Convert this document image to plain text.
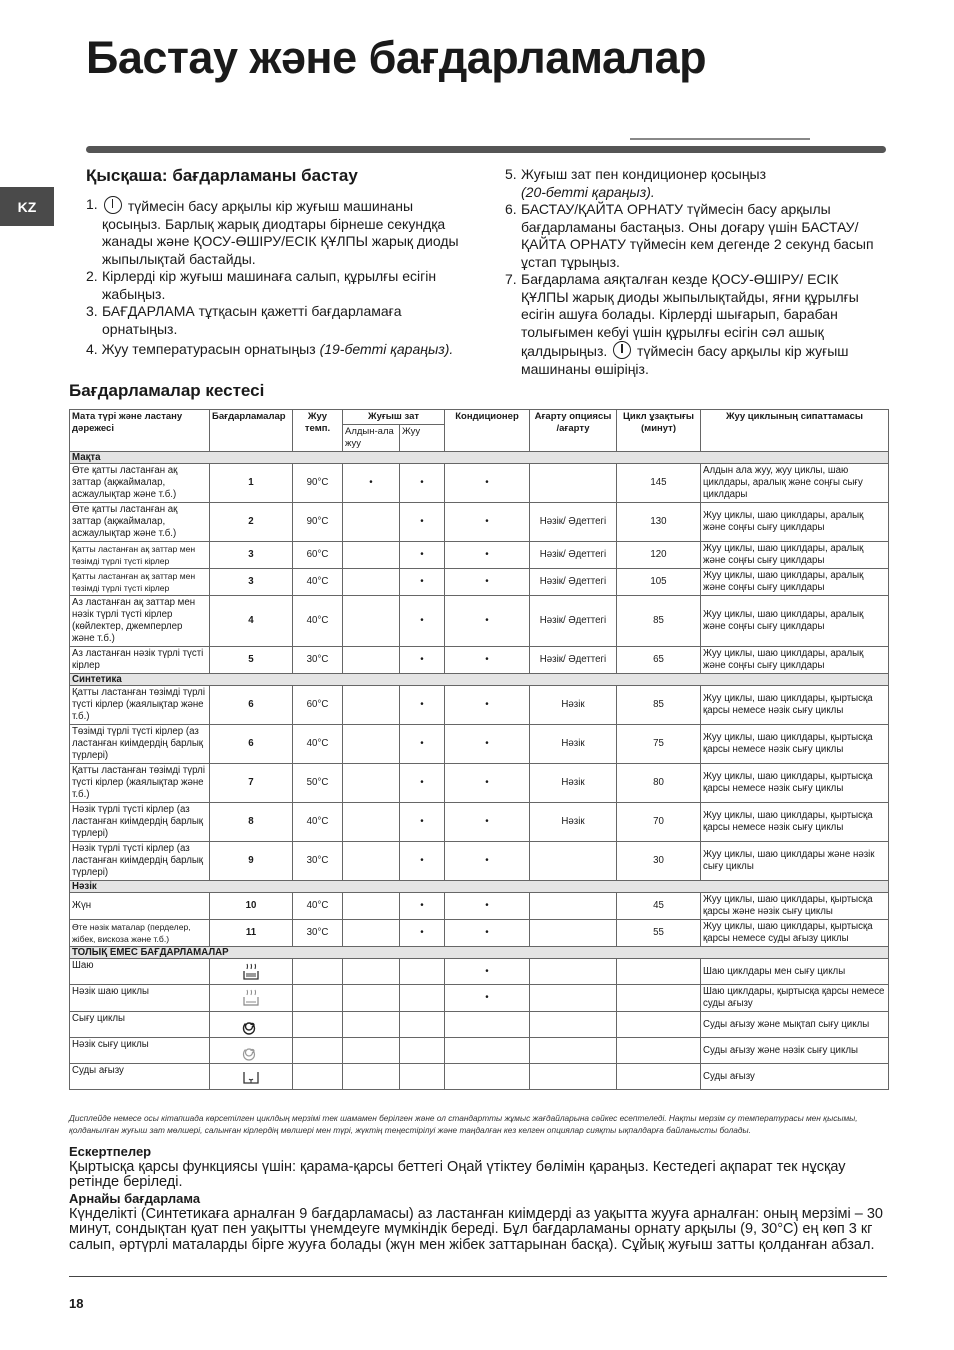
Бастау және бағдарламалар
KZ
Қысқаша: бағдарламаны бастау
1. түймесін басу арқылы кір жуғыш машинаны қосыңыз. Барлық жарық диодтары бірнеше секундқа жанады және ҚОСУ-ӨШІРУ/ЕСІК ҚҰЛПЫ жарық диоды жыпылықтай бастайды.
2. Кірлерді кір жуғыш машинаға салып, құрылғы есігін жабыңыз.
3. БАҒДАРЛАМА тұтқасын қажетті бағдарламаға орнатыңыз.
4. Жуу температурасын орнатыңыз (19-бетті қараңыз).
5. Жуғыш зат пен кондиционер қосыңыз
(20-бетті қараңыз).
6. БАСТАУ/ҚАЙТА ОРНАТУ түймесін басу арқылы бағдарламаны бастаңыз. Оны доғару үшін БАСТАУ/ҚАЙТА ОРНАТУ түймесін кем дегенде 2 секунд басып ұстап тұрыңыз.
7. Бағдарлама аяқталған кезде ҚОСУ-ӨШІРУ/ ЕСІК ҚҰЛПЫ жарық диоды жыпылықтайды, яғни құрылғы есігін ашуға болады. Кірлерді шығарып, барабан толығымен кебуі үшін құрылғы есігін сәл ашық қалдырыңыз.  түймесін басу арқылы кір жуғыш машинаны өшіріңіз.
Бағдарламалар кестесі
Мата түрі және ластану дәрежесі	Бағдарламалар	Жуу темп.	Жуғыш зат		Кондиционер	Ағарту опциясы /ағарту	Цикл ұзақтығы (минут)	Жуу циклының сипаттамасы
			Алдын-ала жуу	Жуу				
Мақта								
Өте қатты ластанған ақ заттар (ақжаймалар, асжаулықтар және т.б.)	1	90°C	•	•	•		145	Алдын ала жуу, жуу циклы, шаю циклдары, аралық және соңғы сығу циклдары
Өте қатты ластанған ақ заттар (ақжаймалар, асжаулықтар және т.б.)	2	90°C		•	•	Нәзік/ Әдеттегі	130	Жуу циклы, шаю циклдары, аралық және соңғы сығу циклдары
Қатты ластанған ақ заттар мен төзімді түрлі түсті кірлер	3	60°C		•	•	Нәзік/ Әдеттегі	120	Жуу циклы, шаю циклдары, аралық және соңғы сығу циклдары
Қатты ластанған ақ заттар мен төзімді түрлі түсті кірлер	3	40°C		•	•	Нәзік/ Әдеттегі	105	Жуу циклы, шаю циклдары, аралық және соңғы сығу циклдары
Аз ластанған ақ заттар мен нәзік түрлі түсті кірлер (көйлектер, джемперлер және т.б.)	4	40°C		•	•	Нәзік/ Әдеттегі	85	Жуу циклы, шаю циклдары, аралық және соңғы сығу циклдары
Аз ластанған нәзік түрлі түсті кірлер	5	30°C		•	•	Нәзік/ Әдеттегі	65	Жуу циклы, шаю циклдары, аралық және соңғы сығу циклдары
Синтетика								
Қатты ластанған төзімді түрлі түсті кірлер (жаялықтар және т.б.)	6	60°C		•	•	Нәзік	85	Жуу циклы, шаю циклдары, қыртысқа қарсы немесе нәзік сығу циклы
Төзімді түрлі түсті кірлер (аз ластанған киімдердің барлық түрлері)	6	40°C		•	•	Нәзік	75	Жуу циклы, шаю циклдары, қыртысқа қарсы немесе нәзік сығу циклы
Қатты ластанған төзімді түрлі түсті кірлер (жаялықтар және т.б.)	7	50°C		•	•	Нәзік	80	Жуу циклы, шаю циклдары, қыртысқа қарсы немесе нәзік сығу циклы
Нәзік түрлі түсті кірлер (аз ластанған киімдердің барлық түрлері)	8	40°C		•	•	Нәзік	70	Жуу циклы, шаю циклдары, қыртысқа қарсы немесе нәзік сығу циклы
Нәзік түрлі түсті кірлер (аз ластанған киімдердің барлық түрлері)	9	30°C		•	•		30	Жуу циклы, шаю циклдары және нәзік сығу циклы
Нәзік								
Жүн	10	40°C		•	•		45	Жуу циклы, шаю циклдары, қыртысқа қарсы және нәзік сығу циклы
Өте нәзік маталар (перделер, жібек, вискоза және т.б.)	11	30°C		•	•		55	Жуу циклы, шаю циклдары, қыртысқа қарсы немесе суды ағызу циклы
ТОЛЫҚ ЕМЕС БАҒДАРЛАМАЛАР								
Шаю					•			Шаю циклдары мен сығу циклы
Нәзік шаю циклы					•			Шаю циклдары, қыртысқа қарсы немесе суды ағызу
Сығу циклы								Суды ағызу және мықтап сығу циклы
Нәзік сығу циклы								Суды ағызу және нәзік сығу циклы
Суды ағызу								Суды ағызу
Дисплейде немесе осы кітапшада көрсетілген циклдың мерзімі тек шамамен берілген және ол стандартты жұмыс жағдайларына сәйкес есептеледі. Нақты мерзім су температурасы мен қысымы, қолданылған жуғыш зат мөлшері, салынған кірлердің мөлшері мен түрі, жүктің теңестірілуі және таңдалған кез келген опциялар сияқты ықпалдарға байланысты болады.
Ескертпелер
Қыртысқа қарсы функциясы үшін: қарама-қарсы беттегі Оңай үтіктеу бөлімін қараңыз. Кестедегі ақпарат тек нұсқау ретінде беріледі.
Арнайы бағдарлама
Күнделікті (Синтетикаға арналған 9 бағдарламасы) аз ластанған киімдерді аз уақытта жууға арналған: оның мерзімі – 30 минут, сондықтан қуат пен уақытты үнемдеуге мүмкіндік береді. Бұл бағдарламаны орнату арқылы (9, 30°C) ең көп 3 кг салып, әртүрлі маталарды бірге жууға болады (жүн мен жібек заттарынан басқа). Сұйық жуғыш затты қолданған абзал.
18
